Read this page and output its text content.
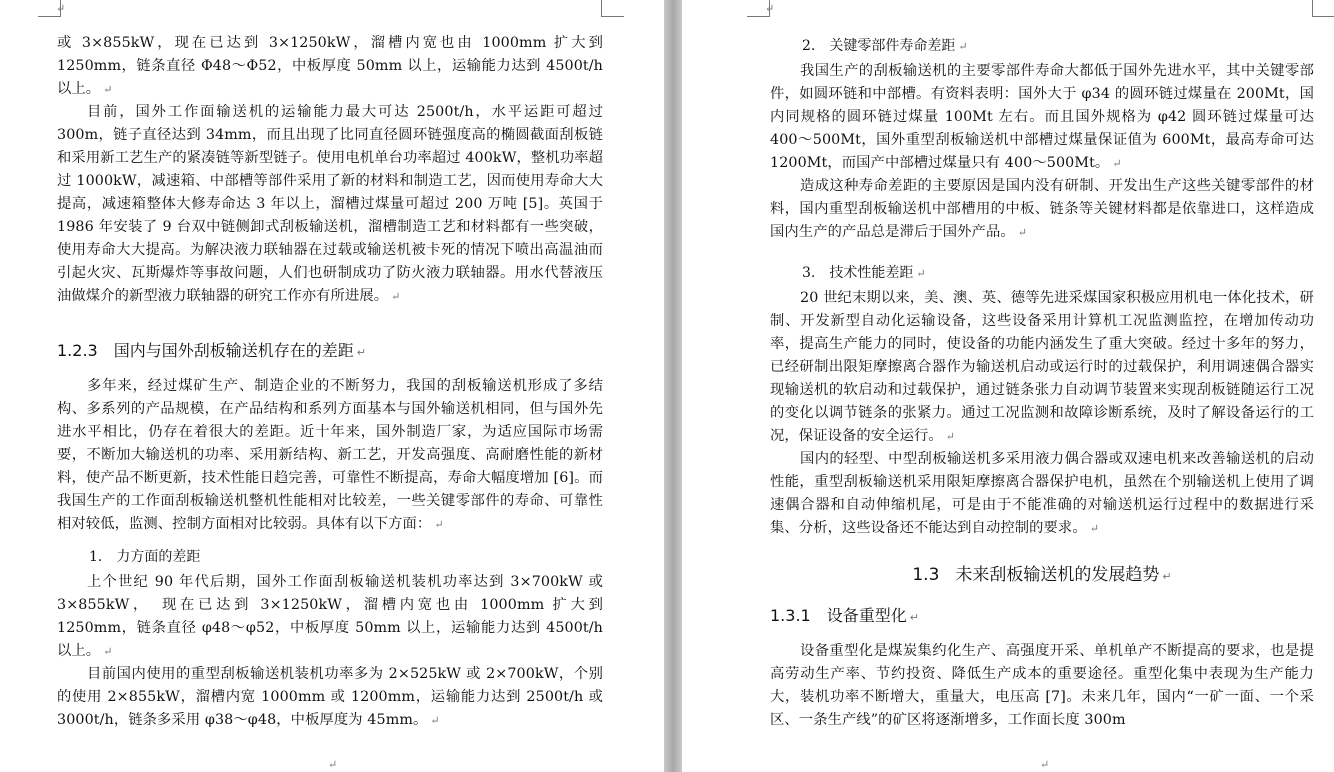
↵	↵

或 3×855kW，现在已达到 3×1250kW，溜槽内宽也由 1000mm 扩大到 1250mm，链条直径 Φ48～Φ52，中板厚度 50mm 以上，运输能力达到 4500t/h 以上。 ↵

目前，国外工作面输送机的运输能力最大可达 2500t/h，水平运距可超过 300m，链子直径达到 34mm，而且出现了比同直径圆环链强度高的椭圆截面刮板链和采用新工艺生产的紧凑链等新型链子。使用电机单台功率超过 400kW，整机功率超过 1000kW，减速箱、中部槽等部件采用了新的材料和制造工艺，因而使用寿命大大提高，减速箱整体大修寿命达 3 年以上，溜槽过煤量可超过 200 万吨 [5]。英国于 1986 年安装了 9 台双中链侧卸式刮板输送机，溜槽制造工艺和材料都有一些突破，使用寿命大大提高。为解决液力联轴器在过载或输送机被卡死的情况下喷出高温油而引起火灾、瓦斯爆炸等事故问题，人们也研制成功了防火液力联轴器。用水代替液压油做煤介的新型液力联轴器的研究工作亦有所进展。 ↵

1.2.3 国内与国外刮板输送机存在的差距 ↵

多年来，经过煤矿生产、制造企业的不断努力，我国的刮板输送机形成了多结构、多系列的产品规模，在产品结构和系列方面基本与国外输送机相同，但与国外先进水平相比，仍存在着很大的差距。近十年来，国外制造厂家，为适应国际市场需要，不断加大输送机的功率、采用新结构、新工艺，开发高强度、高耐磨性能的新材料，使产品不断更新，技术性能日趋完善，可靠性不断提高，寿命大幅度增加 [6]。而我国生产的工作面刮板输送机整机性能相对比较差，一些关键零部件的寿命、可靠性相对较低，监测、控制方面相对比较弱。具体有以下方面： ↵

1.　力方面的差距

上个世纪 90 年代后期，国外工作面刮板输送机装机功率达到 3×700kW 或 3×855kW，　现在已达到 3×1250kW，溜槽内宽也由 1000mm 扩大到 1250mm，链条直径 φ48～φ52，中板厚度 50mm 以上，运输能力达到 4500t/h 以上。 ↵

目前国内使用的重型刮板输送机装机功率多为 2×525kW 或 2×700kW，个别的使用 2×855kW，溜槽内宽 1000mm 或 1200mm，运输能力达到 2500t/h 或 3000t/h，链条多采用 φ38～φ48，中板厚度为 45mm。 ↵

2.　关键零部件寿命差距 ↵

我国生产的刮板输送机的主要零部件寿命大都低于国外先进水平，其中关键零部件，如圆环链和中部槽。有资料表明：国外大于 φ34 的圆环链过煤量在 200Mt，国内同规格的圆环链过煤量 100Mt 左右。而且国外规格为 φ42 圆环链过煤量可达 400～500Mt，国外重型刮板输送机中部槽过煤量保证值为 600Mt，最高寿命可达 1200Mt，而国产中部槽过煤量只有 400～500Mt。 ↵

造成这种寿命差距的主要原因是国内没有研制、开发出生产这些关键零部件的材料，国内重型刮板输送机中部槽用的中板、链条等关键材料都是依靠进口，这样造成国内生产的产品总是滞后于国外产品。 ↵

3.　技术性能差距 ↵

20 世纪末期以来，美、澳、英、德等先进采煤国家积极应用机电一体化技术，研制、开发新型自动化运输设备，这些设备采用计算机工况监测监控，在增加传动功率，提高生产能力的同时，使设备的功能内涵发生了重大突破。经过十多年的努力，已经研制出限矩摩擦离合器作为输送机启动或运行时的过载保护，利用调速偶合器实现输送机的软启动和过载保护，通过链条张力自动调节装置来实现刮板链随运行工况的变化以调节链条的张紧力。通过工况监测和故障诊断系统，及时了解设备运行的工况，保证设备的安全运行。 ↵

国内的轻型、中型刮板输送机多采用液力偶合器或双速电机来改善输送机的启动性能，重型刮板输送机采用限矩摩擦离合器保护电机，虽然在个别输送机上使用了调速偶合器和自动伸缩机尾，可是由于不能准确的对输送机运行过程中的数据进行采集、分析，这些设备还不能达到自动控制的要求。 ↵

1.3 未来刮板输送机的发展趋势 ↵
1.3.1 设备重型化 ↵

设备重型化是煤炭集约化生产、高强度开采、单机单产不断提高的要求，也是提高劳动生产率、节约投资、降低生产成本的重要途径。重型化集中表现为生产能力大，装机功率不断增大，重量大，电压高 [7]。未来几年，国内“一矿一面、一个采区、一条生产线”的矿区将逐渐增多，工作面长度 300m

↵	↵
